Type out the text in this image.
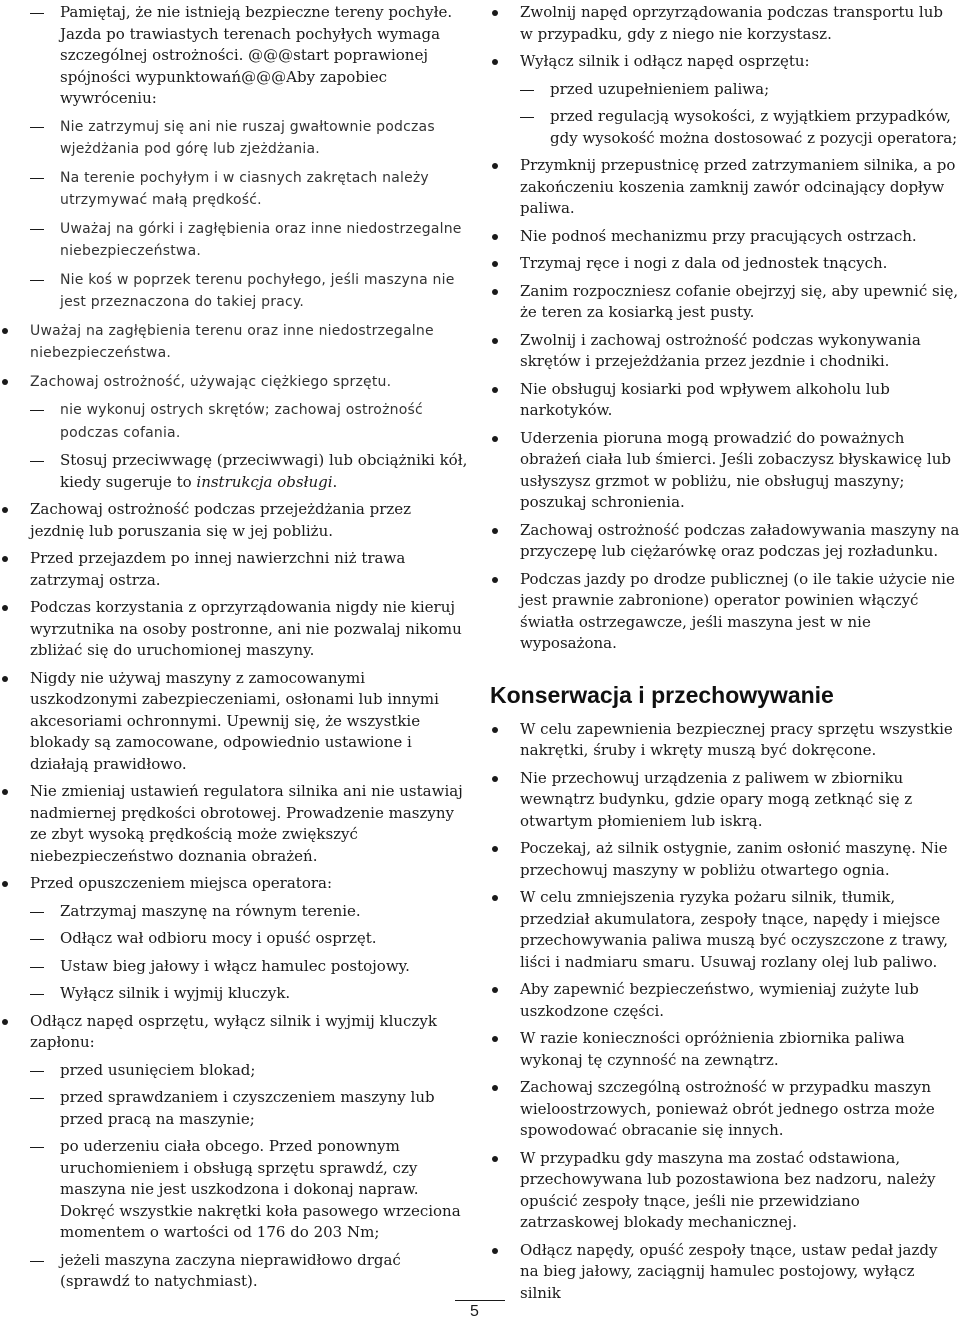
Pamiętaj, że nie istnieją bezpieczne tereny pochyłe. Jazda po trawiastych terenach pochyłych wymaga szczególnej ostrożności. @@@start poprawionej spójności wypunktowań@@@Aby zapobiec wywróceniu:
Nie zatrzymuj się ani nie ruszaj gwałtownie podczas wjeżdżania pod górę lub zjeżdżania.
Na terenie pochyłym i w ciasnych zakrętach należy utrzymywać małą prędkość.
Uważaj na górki i zagłębienia oraz inne niedostrzegalne niebezpieczeństwa.
Nie koś w poprzek terenu pochyłego, jeśli maszyna nie jest przeznaczona do takiej pracy.
Uważaj na zagłębienia terenu oraz inne niedostrzegalne niebezpieczeństwa.
Zachowaj ostrożność, używając ciężkiego sprzętu.
nie wykonuj ostrych skrętów; zachowaj ostrożność podczas cofania.
Stosuj przeciwwagę (przeciwwagi) lub obciążniki kół, kiedy sugeruje to instrukcja obsługi.
Zachowaj ostrożność podczas przejeżdżania przez jezdnię lub poruszania się w jej pobliżu.
Przed przejazdem po innej nawierzchni niż trawa zatrzymaj ostrza.
Podczas korzystania z oprzyrządowania nigdy nie kieruj wyrzutnika na osoby postronne, ani nie pozwalaj nikomu zbliżać się do uruchomionej maszyny.
Nigdy nie używaj maszyny z zamocowanymi uszkodzonymi zabezpieczeniami, osłonami lub innymi akcesoriami ochronnymi. Upewnij się, że wszystkie blokady są zamocowane, odpowiednio ustawione i działają prawidłowo.
Nie zmieniaj ustawień regulatora silnika ani nie ustawiaj nadmiernej prędkości obrotowej. Prowadzenie maszyny ze zbyt wysoką prędkością może zwiększyć niebezpieczeństwo doznania obrażeń.
Przed opuszczeniem miejsca operatora:
Zatrzymaj maszynę na równym terenie.
Odłącz wał odbioru mocy i opuść osprzęt.
Ustaw bieg jałowy i włącz hamulec postojowy.
Wyłącz silnik i wyjmij kluczyk.
Odłącz napęd osprzętu, wyłącz silnik i wyjmij kluczyk zapłonu:
przed usunięciem blokad;
przed sprawdzaniem i czyszczeniem maszyny lub przed pracą na maszynie;
po uderzeniu ciała obcego. Przed ponownym uruchomieniem i obsługą sprzętu sprawdź, czy maszyna nie jest uszkodzona i dokonaj napraw. Dokręć wszystkie nakrętki koła pasowego wrzeciona momentem o wartości od 176 do 203 Nm;
jeżeli maszyna zaczyna nieprawidłowo drgać (sprawdź to natychmiast).
Zwolnij napęd oprzyrządowania podczas transportu lub w przypadku, gdy z niego nie korzystasz.
Wyłącz silnik i odłącz napęd osprzętu:
przed uzupełnieniem paliwa;
przed regulacją wysokości, z wyjątkiem przypadków, gdy wysokość można dostosować z pozycji operatora;
Przymknij przepustnicę przed zatrzymaniem silnika, a po zakończeniu koszenia zamknij zawór odcinający dopływ paliwa.
Nie podnoś mechanizmu przy pracujących ostrzach.
Trzymaj ręce i nogi z dala od jednostek tnących.
Zanim rozpoczniesz cofanie obejrzyj się, aby upewnić się, że teren za kosiarką jest pusty.
Zwolnij i zachowaj ostrożność podczas wykonywania skrętów i przejeżdżania przez jezdnie i chodniki.
Nie obsługuj kosiarki pod wpływem alkoholu lub narkotyków.
Uderzenia pioruna mogą prowadzić do poważnych obrażeń ciała lub śmierci. Jeśli zobaczysz błyskawicę lub usłyszysz grzmot w pobliżu, nie obsługuj maszyny; poszukaj schronienia.
Zachowaj ostrożność podczas załadowywania maszyny na przyczepę lub ciężarówkę oraz podczas jej rozładunku.
Podczas jazdy po drodze publicznej (o ile takie użycie nie jest prawnie zabronione) operator powinien włączyć światła ostrzegawcze, jeśli maszyna jest w nie wyposażona.
Konserwacja i przechowywanie
W celu zapewnienia bezpiecznej pracy sprzętu wszystkie nakrętki, śruby i wkręty muszą być dokręcone.
Nie przechowuj urządzenia z paliwem w zbiorniku wewnątrz budynku, gdzie opary mogą zetknąć się z otwartym płomieniem lub iskrą.
Poczekaj, aż silnik ostygnie, zanim osłonić maszynę. Nie przechowuj maszyny w pobliżu otwartego ognia.
W celu zmniejszenia ryzyka pożaru silnik, tłumik, przedział akumulatora, zespoły tnące, napędy i miejsce przechowywania paliwa muszą być oczyszczone z trawy, liści i nadmiaru smaru. Usuwaj rozlany olej lub paliwo.
Aby zapewnić bezpieczeństwo, wymieniaj zużyte lub uszkodzone części.
W razie konieczności opróżnienia zbiornika paliwa wykonaj tę czynność na zewnątrz.
Zachowaj szczególną ostrożność w przypadku maszyn wieloostrzowych, ponieważ obrót jednego ostrza może spowodować obracanie się innych.
W przypadku gdy maszyna ma zostać odstawiona, przechowywana lub pozostawiona bez nadzoru, należy opuścić zespoły tnące, jeśli nie przewidziano zatrzaskowej blokady mechanicznej.
Odłącz napędy, opuść zespoły tnące, ustaw pedał jazdy na bieg jałowy, zaciągnij hamulec postojowy, wyłącz silnik
5
